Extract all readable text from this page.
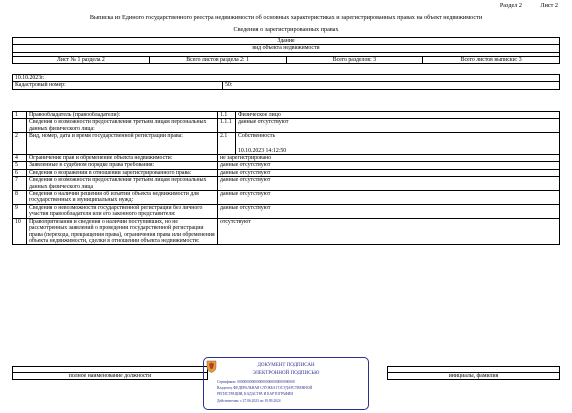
Раздел 2	Лист 2
Выписка из Единого государственного реестра недвижимости об основных характеристиках и зарегистрированных правах на объект недвижимости
Сведения о зарегистрированных правах
Здание
вид объекта недвижимости

Лист № 1 раздела 2	Всего листов раздела 2: 1	Всего разделов: 3	Всего листов выписки: 3
10.10.2023г.
Кадастровый номер:	50:
1	Правообладатель (правообладатели):	1.1	Физическое лицо
	Сведения о возможности предоставления третьим лицам персональных данных физического лица:	1.1.1	данные отсутствуют
2	Вид, номер, дата и время государственной регистрации права:	2.1	Собственность
10.10.2023 14:12:50

4	Ограничение прав и обременение объекта недвижимости:	не зарегистрировано	
5	Заявленные в судебном порядке права требования:	данные отсутствуют	
6	Сведения о возражении в отношении зарегистрированного права:	данные отсутствуют	
7	Сведения о возможности предоставления третьим лицам персональных данных физического лица	данные отсутствуют	
8	Сведения о наличии решения об изъятии объекта недвижимости для государственных и муниципальных нужд:	данные отсутствуют	
9	Сведения о невозможности государственной регистрации без личного участия правообладателя или его законного представителя:	данные отсутствуют	
10	Правопритязания и сведения о наличии поступивших, но не рассмотренных заявлений о проведении государственной регистрации права (перехода, прекращения права), ограничения права или обременения объекта недвижимости, сделки в отношении объекта недвижимости:	отсутствуют	

полное наименование должности		инициалы, фамилия
ДОКУМЕНТ ПОДПИСАН
ЭЛЕКТРОННОЙ ПОДПИСЬЮ
Сертификат: 00000000000000000000000000000000
Владелец: ФЕДЕРАЛЬНАЯ СЛУЖБА ГОСУДАРСТВЕННОЙ
РЕГИСТРАЦИИ, КАДАСТРА И КАРТОГРАФИИ
Действителен: с 27.06.2023 по 19.09.2024
